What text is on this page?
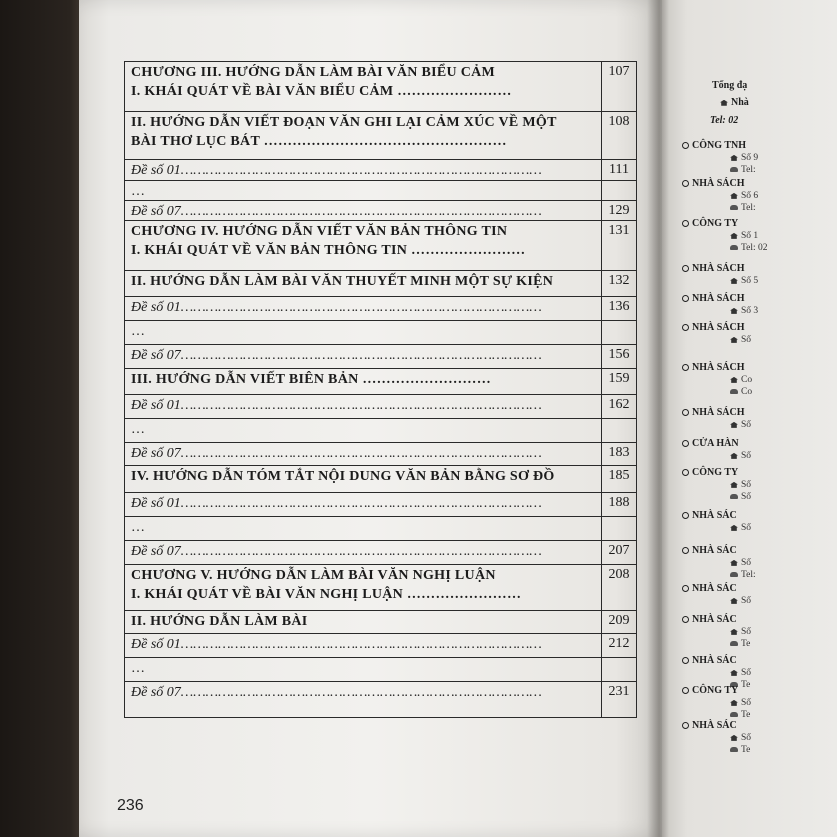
Tổng đạ
Nhà
Tel: 02
CÔNG TNH
Số 9
Tel:
NHÀ SÁCH
Số 6
Tel:
CÔNG TY
Số 1
Tel: 02
NHÀ SÁCH
Số 5
NHÀ SÁCH
Số 3
NHÀ SÁCH
Số
NHÀ SÁCH
Co
Co
NHÀ SÁCH
Số
CỬA HÀN
Số
CÔNG TY
Số
Số
NHÀ SÁC
Số
NHÀ SÁC
Số
Tel:
NHÀ SÁC
Số
NHÀ SÁC
Số
Te
NHÀ SÁC
Số
Te
CÔNG TY
Số
Te
NHÀ SÁC
Số
Te
CHƯƠNG III. HƯỚNG DẪN LÀM BÀI VĂN BIỂU CẢM
I. KHÁI QUÁT VỀ BÀI VĂN BIỂU CẢM ……………………	107

II. HƯỚNG DẪN VIẾT ĐOẠN VĂN GHI LẠI CẢM XÚC VỀ MỘT
BÀI THƠ LỤC BÁT ……………………………………………	108

Đề số 01……………………………………………………………………………	111

…	

Đề số 07……………………………………………………………………………	129

CHƯƠNG IV. HƯỚNG DẪN VIẾT VĂN BẢN THÔNG TIN
I. KHÁI QUÁT VỀ VĂN BẢN THÔNG TIN ……………………	131

II. HƯỚNG DẪN LÀM BÀI VĂN THUYẾT MINH MỘT SỰ KIỆN	132

Đề số 01……………………………………………………………………………	136

…	

Đề số 07……………………………………………………………………………	156

III. HƯỚNG DẪN VIẾT BIÊN BẢN ………………………	159

Đề số 01……………………………………………………………………………	162

…	

Đề số 07……………………………………………………………………………	183

IV. HƯỚNG DẪN TÓM TẮT NỘI DUNG VĂN BẢN BẰNG SƠ ĐỒ	185

Đề số 01……………………………………………………………………………	188

…	

Đề số 07……………………………………………………………………………	207

CHƯƠNG V. HƯỚNG DẪN LÀM BÀI VĂN NGHỊ LUẬN
I. KHÁI QUÁT VỀ BÀI VĂN NGHỊ LUẬN ……………………	208

II. HƯỚNG DẪN LÀM BÀI	209

Đề số 01……………………………………………………………………………	212

…	

Đề số 07……………………………………………………………………………	231
236
